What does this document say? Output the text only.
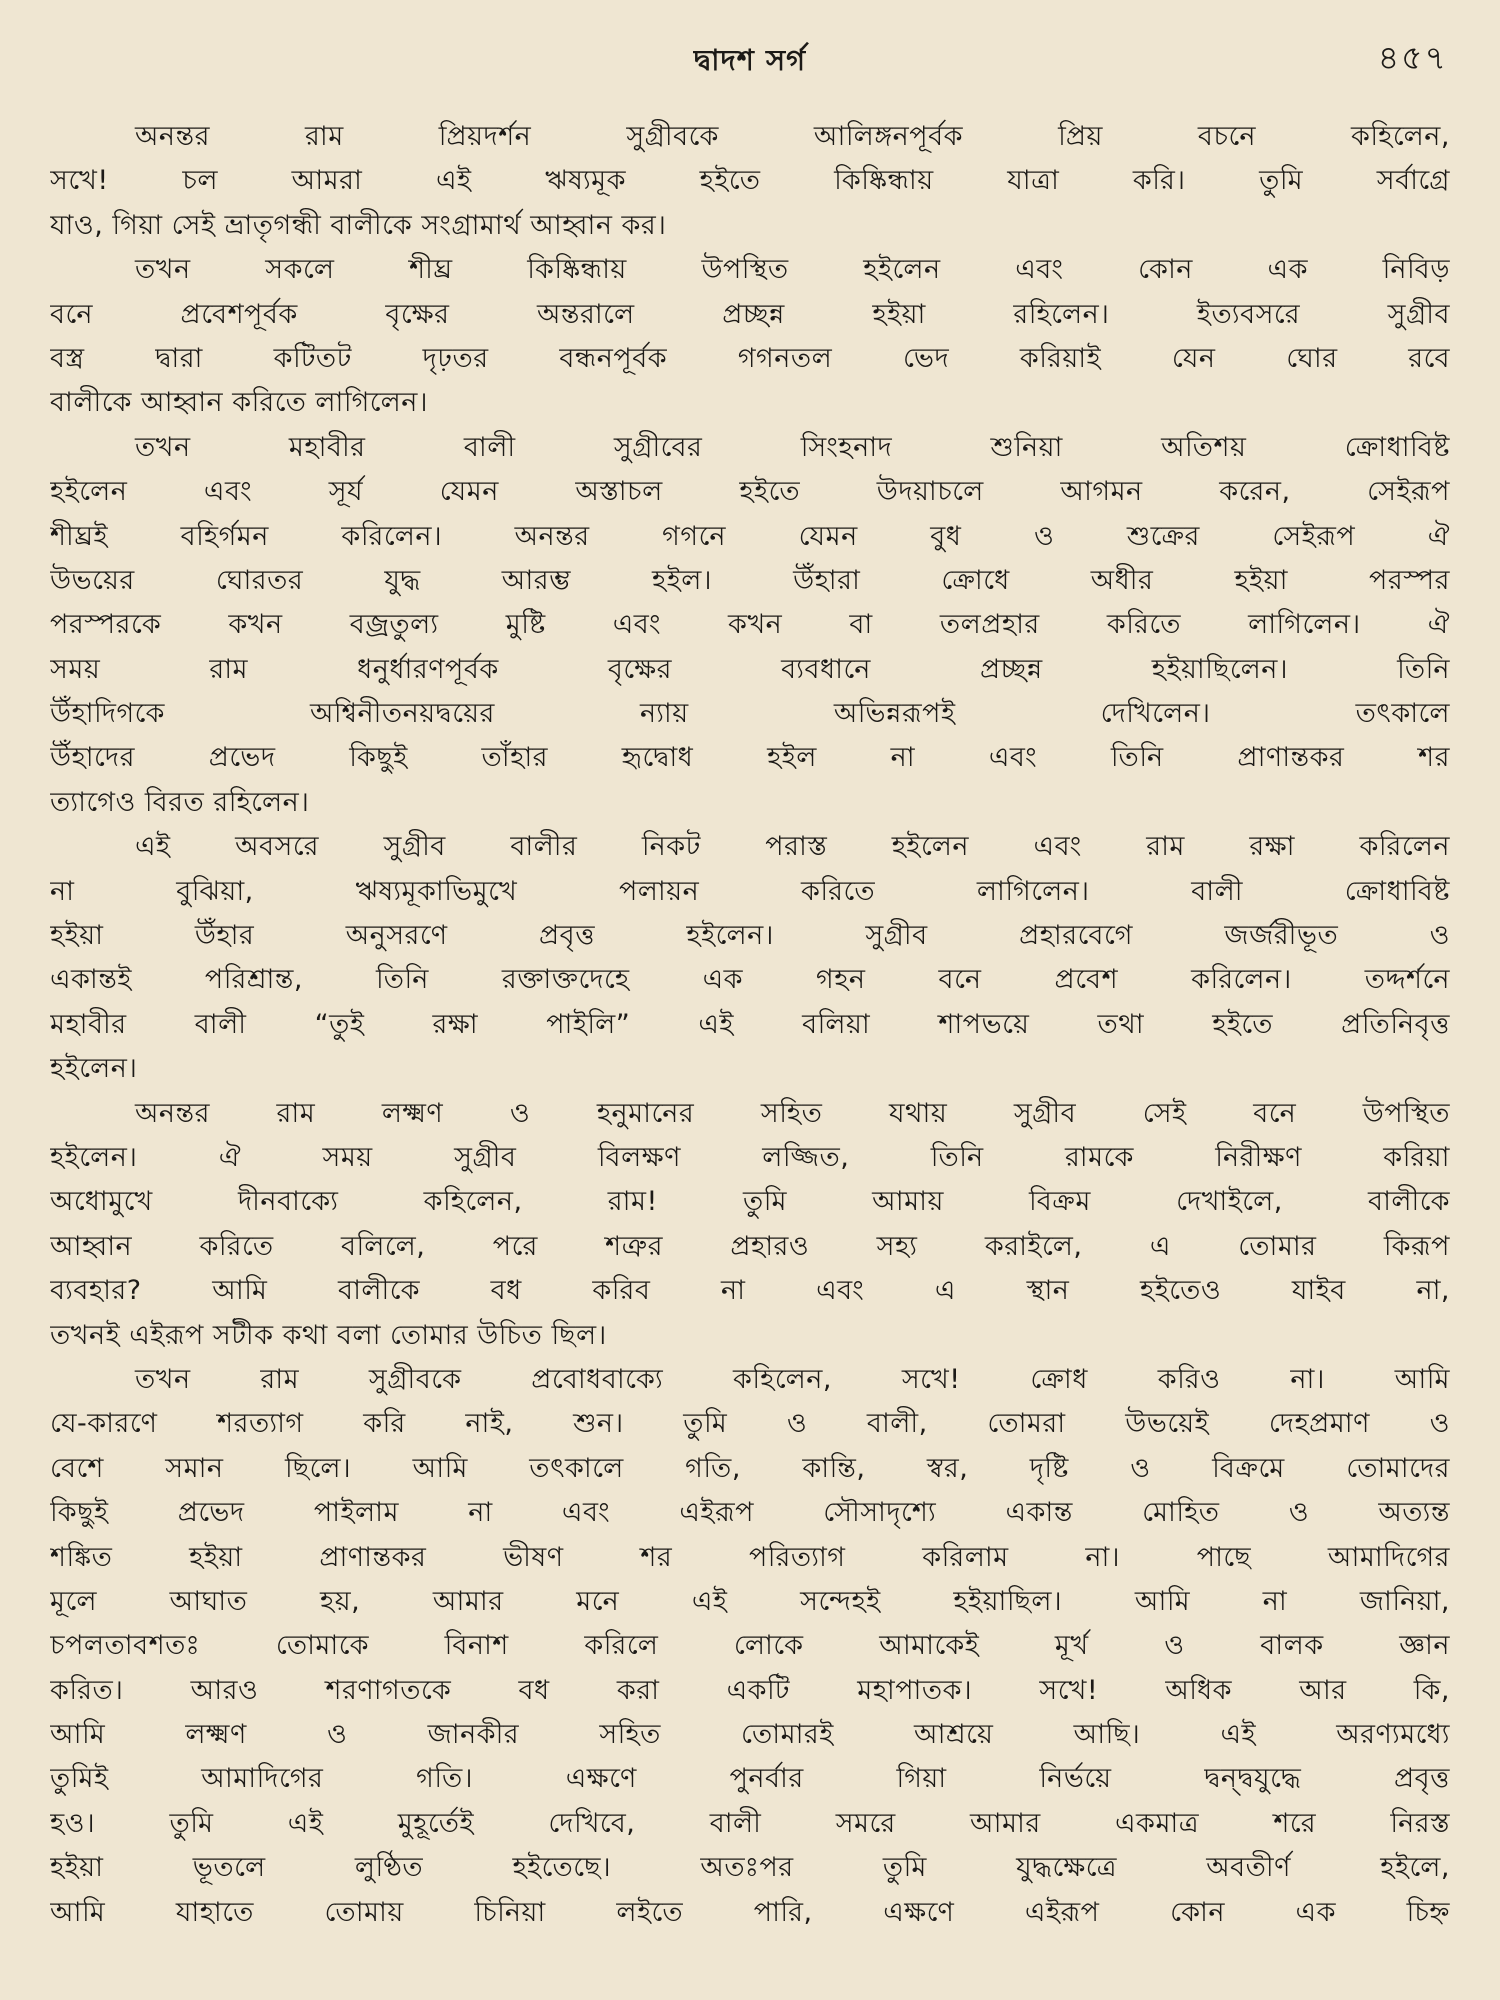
দ্বাদশ সর্গ	৪৫৭
অনন্তর রাম প্রিয়দর্শন সুগ্রীবকে আলিঙ্গনপূর্বক প্রিয় বচনে কহিলেন,
সখে! চল আমরা এই ঋষ্যমূক হইতে কিষ্কিন্ধায় যাত্রা করি। তুমি সর্বাগ্রে
যাও, গিয়া সেই ভ্রাতৃগন্ধী বালীকে সংগ্রামার্থ আহ্বান কর।
তখন সকলে শীঘ্র কিষ্কিন্ধায় উপস্থিত হইলেন এবং কোন এক নিবিড়
বনে প্রবেশপূর্বক বৃক্ষের অন্তরালে প্রচ্ছন্ন হইয়া রহিলেন। ইত্যবসরে সুগ্রীব
বস্ত্র দ্বারা কটিতট দৃঢ়তর বন্ধনপূর্বক গগনতল ভেদ করিয়াই যেন ঘোর রবে
বালীকে আহ্বান করিতে লাগিলেন।
তখন মহাবীর বালী সুগ্রীবের সিংহনাদ শুনিয়া অতিশয় ক্রোধাবিষ্ট
হইলেন এবং সূর্য যেমন অস্তাচল হইতে উদয়াচলে আগমন করেন, সেইরূপ
শীঘ্রই বহির্গমন করিলেন। অনন্তর গগনে যেমন বুধ ও শুক্রের সেইরূপ ঐ
উভয়ের ঘোরতর যুদ্ধ আরম্ভ হইল। উঁহারা ক্রোধে অধীর হইয়া পরস্পর
পরস্পরকে কখন বজ্রতুল্য মুষ্টি এবং কখন বা তলপ্রহার করিতে লাগিলেন। ঐ
সময় রাম ধনুর্ধারণপূর্বক বৃক্ষের ব্যবধানে প্রচ্ছন্ন হইয়াছিলেন। তিনি
উঁহাদিগকে অশ্বিনীতনয়দ্বয়ের ন্যায় অভিন্নরূপই দেখিলেন। তৎকালে
উঁহাদের প্রভেদ কিছুই তাঁহার হৃদ্বোধ হইল না এবং তিনি প্রাণান্তকর শর
ত্যাগেও বিরত রহিলেন।
এই অবসরে সুগ্রীব বালীর নিকট পরাস্ত হইলেন এবং রাম রক্ষা করিলেন
না বুঝিয়া, ঋষ্যমূকাভিমুখে পলায়ন করিতে লাগিলেন। বালী ক্রোধাবিষ্ট
হইয়া উঁহার অনুসরণে প্রবৃত্ত হইলেন। সুগ্রীব প্রহারবেগে জর্জরীভূত ও
একান্তই পরিশ্রান্ত, তিনি রক্তাক্তদেহে এক গহন বনে প্রবেশ করিলেন। তদ্দর্শনে
মহাবীর বালী “তুই রক্ষা পাইলি” এই বলিয়া শাপভয়ে তথা হইতে প্রতিনিবৃত্ত
হইলেন।
অনন্তর রাম লক্ষ্মণ ও হনুমানের সহিত যথায় সুগ্রীব সেই বনে উপস্থিত
হইলেন। ঐ সময় সুগ্রীব বিলক্ষণ লজ্জিত, তিনি রামকে নিরীক্ষণ করিয়া
অধোমুখে দীনবাক্যে কহিলেন, রাম! তুমি আমায় বিক্রম দেখাইলে, বালীকে
আহ্বান করিতে বলিলে, পরে শত্রুর প্রহারও সহ্য করাইলে, এ তোমার কিরূপ
ব্যবহার? আমি বালীকে বধ করিব না এবং এ স্থান হইতেও যাইব না,
তখনই এইরূপ সটীক কথা বলা তোমার উচিত ছিল।
তখন রাম সুগ্রীবকে প্রবোধবাক্যে কহিলেন, সখে! ক্রোধ করিও না। আমি
যে-কারণে শরত্যাগ করি নাই, শুন। তুমি ও বালী, তোমরা উভয়েই দেহপ্রমাণ ও
বেশে সমান ছিলে। আমি তৎকালে গতি, কান্তি, স্বর, দৃষ্টি ও বিক্রমে তোমাদের
কিছুই প্রভেদ পাইলাম না এবং এইরূপ সৌসাদৃশ্যে একান্ত মোহিত ও অত্যন্ত
শঙ্কিত হইয়া প্রাণান্তকর ভীষণ শর পরিত্যাগ করিলাম না। পাছে আমাদিগের
মূলে আঘাত হয়, আমার মনে এই সন্দেহই হইয়াছিল। আমি না জানিয়া,
চপলতাবশতঃ তোমাকে বিনাশ করিলে লোকে আমাকেই মূর্খ ও বালক জ্ঞান
করিত। আরও শরণাগতকে বধ করা একটি মহাপাতক। সখে! অধিক আর কি,
আমি লক্ষ্মণ ও জানকীর সহিত তোমারই আশ্রয়ে আছি। এই অরণ্যমধ্যে
তুমিই আমাদিগের গতি। এক্ষণে পুনর্বার গিয়া নির্ভয়ে দ্বন্দ্বযুদ্ধে প্রবৃত্ত
হও। তুমি এই মুহূর্তেই দেখিবে, বালী সমরে আমার একমাত্র শরে নিরস্ত
হইয়া ভূতলে লুণ্ঠিত হইতেছে। অতঃপর তুমি যুদ্ধক্ষেত্রে অবতীর্ণ হইলে,
আমি যাহাতে তোমায় চিনিয়া লইতে পারি, এক্ষণে এইরূপ কোন এক চিহ্ন
